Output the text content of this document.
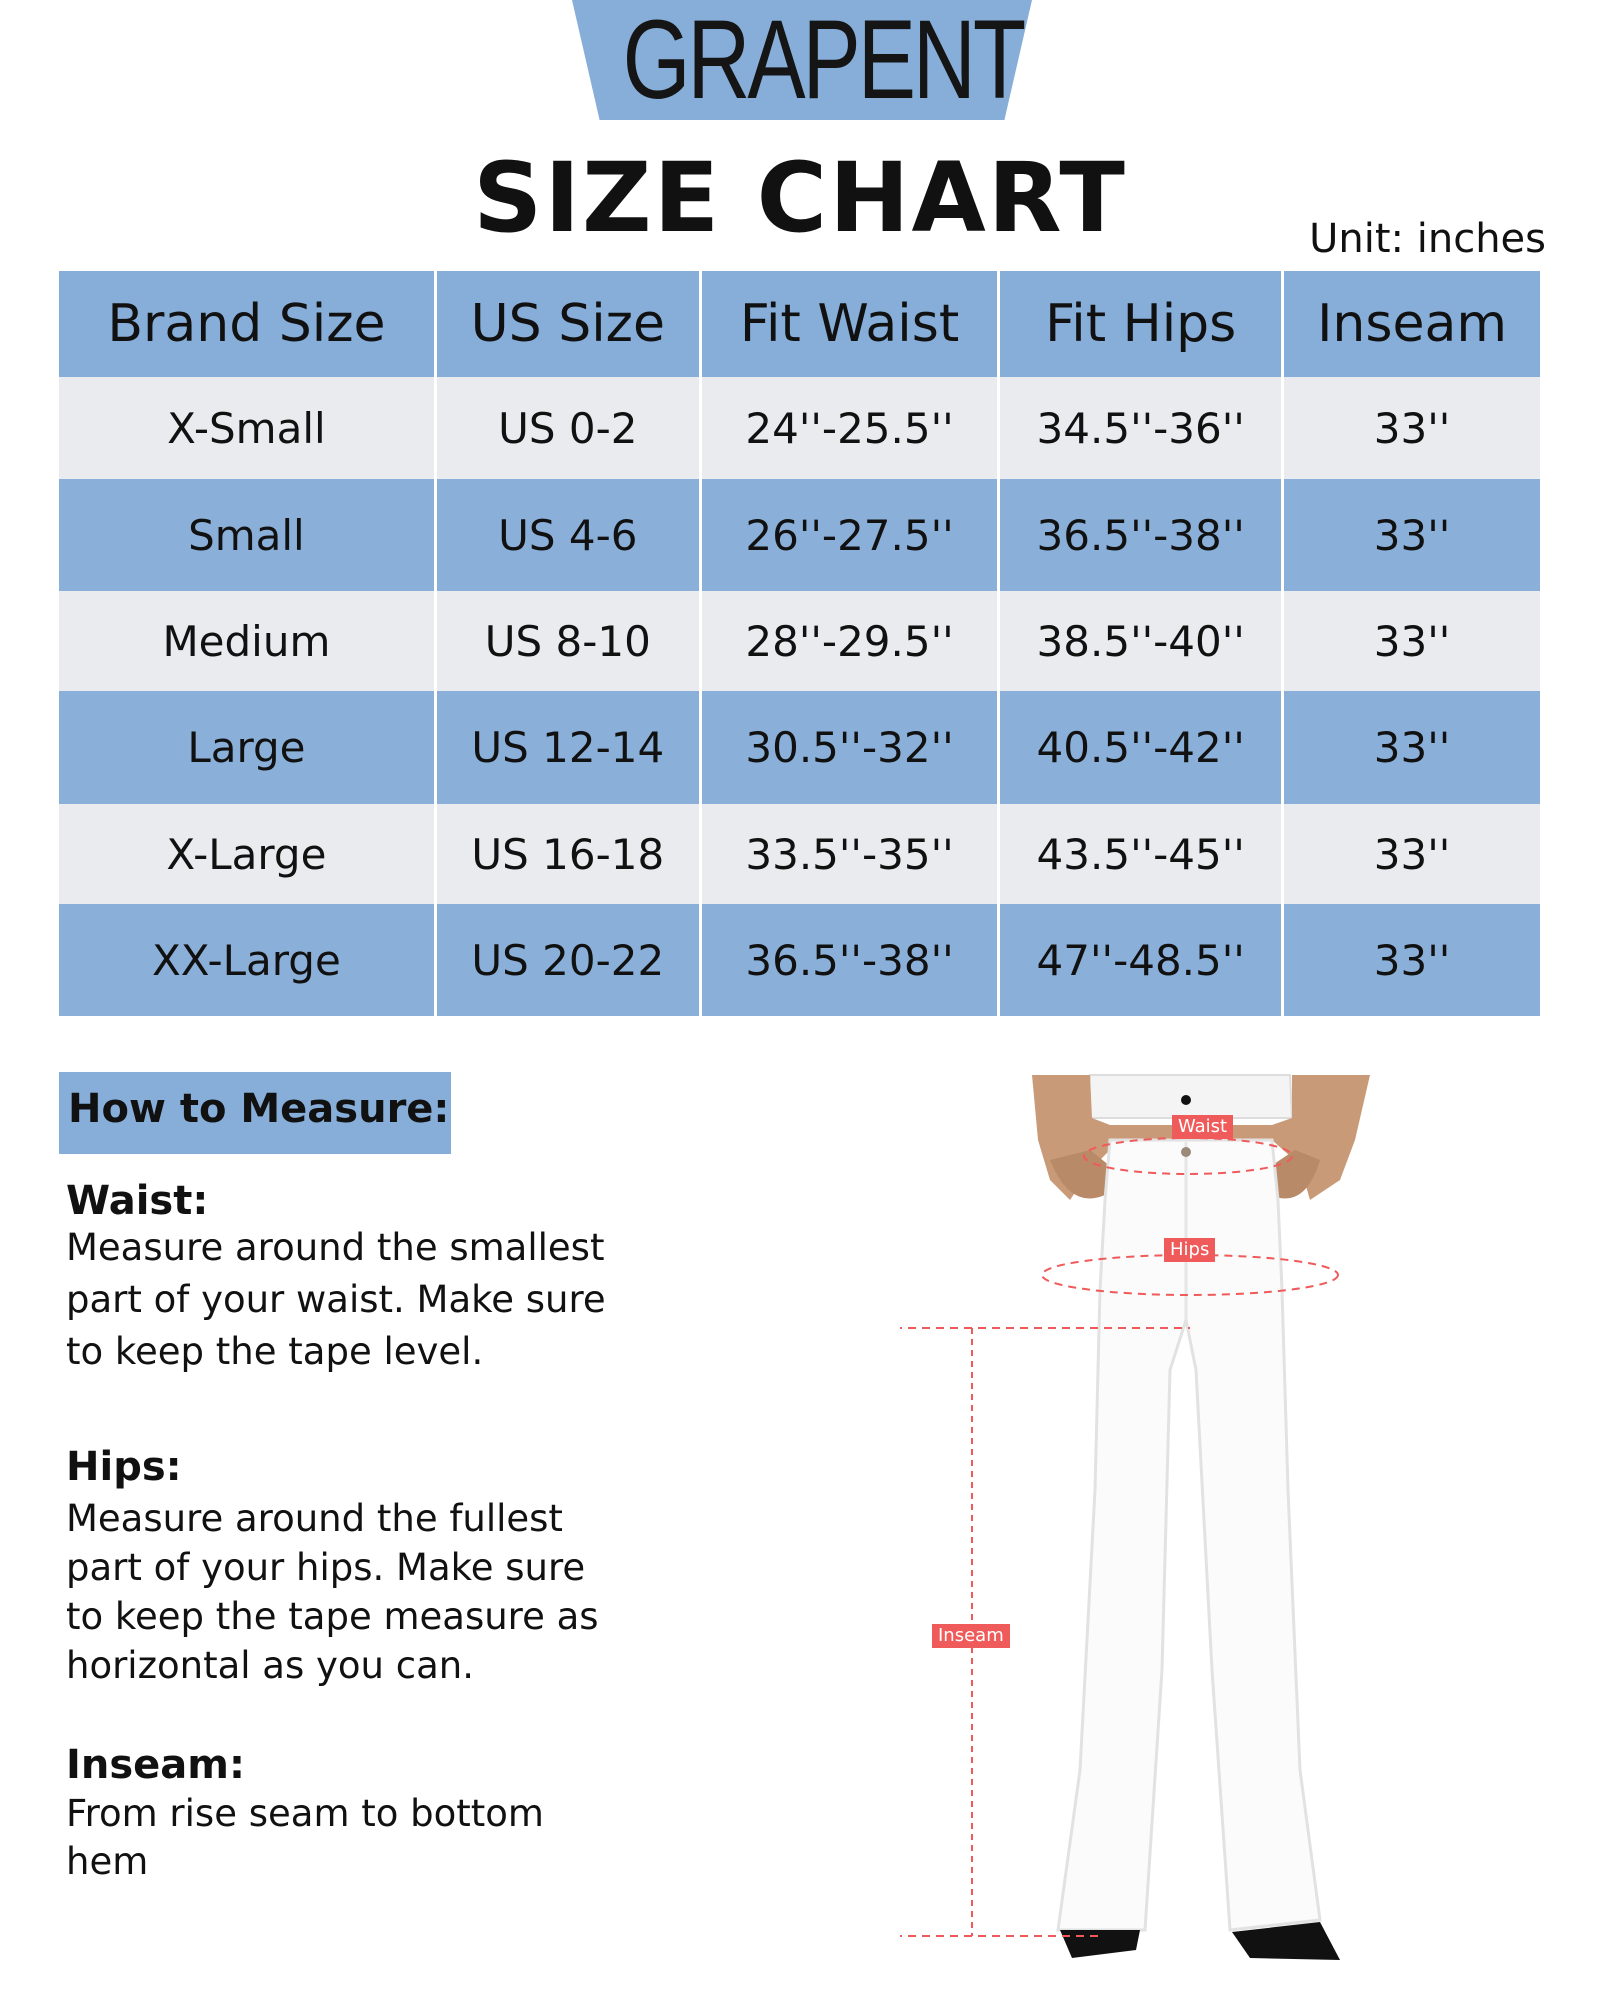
GRAPENT
SIZE CHART	Unit: inches
Brand Size	US Size	Fit Waist	Fit Hips	Inseam
X-Small	US 0-2	24''-25.5''	34.5''-36''	33''
Small	US 4-6	26''-27.5''	36.5''-38''	33''
Medium	US 8-10	28''-29.5''	38.5''-40''	33''
Large	US 12-14	30.5''-32''	40.5''-42''	33''
X-Large	US 16-18	33.5''-35''	43.5''-45''	33''
XX-Large	US 20-22	36.5''-38''	47''-48.5''	33''
How to Measure:
Waist:
Measure around the smallest
part of your waist. Make sure
to keep the tape level.
Hips:
Measure around the fullest
part of your hips. Make sure
to keep the tape measure as
horizontal as you can.
Inseam:
From rise seam to bottom
hem
Waist
Hips
Inseam
